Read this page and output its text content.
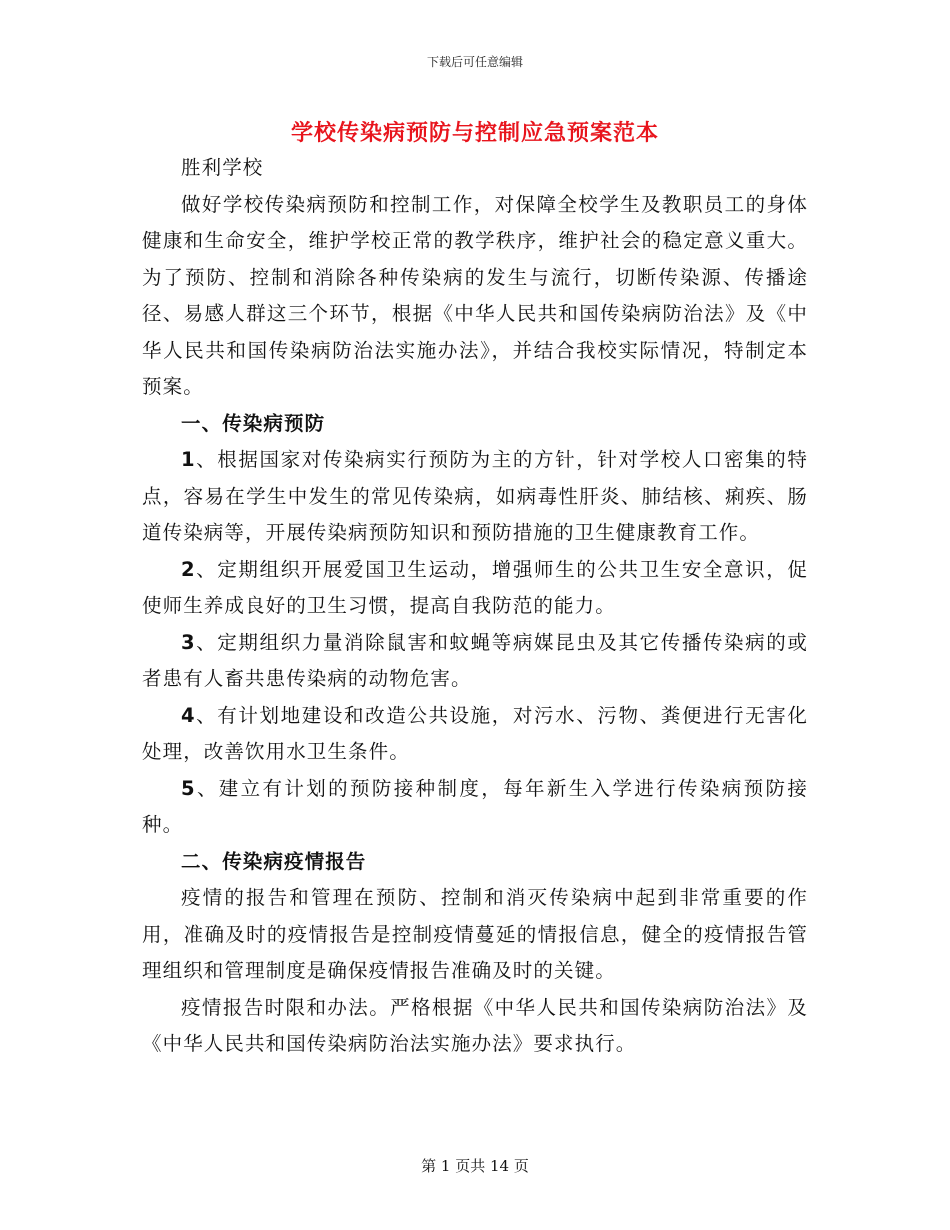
下载后可任意编辑
学校传染病预防与控制应急预案范本

胜利学校

做好学校传染病预防和控制工作，对保障全校学生及教职员工的身体健康和生命安全，维护学校正常的教学秩序，维护社会的稳定意义重大。为了预防、控制和消除各种传染病的发生与流行，切断传染源、传播途径、易感人群这三个环节，根据《中华人民共和国传染病防治法》及《中华人民共和国传染病防治法实施办法》，并结合我校实际情况，特制定本预案。

一、传染病预防

1、根据国家对传染病实行预防为主的方针，针对学校人口密集的特点，容易在学生中发生的常见传染病，如病毒性肝炎、肺结核、痢疾、肠道传染病等，开展传染病预防知识和预防措施的卫生健康教育工作。

2、定期组织开展爱国卫生运动，增强师生的公共卫生安全意识，促使师生养成良好的卫生习惯，提高自我防范的能力。

3、定期组织力量消除鼠害和蚊蝇等病媒昆虫及其它传播传染病的或者患有人畜共患传染病的动物危害。

4、有计划地建设和改造公共设施，对污水、污物、粪便进行无害化处理，改善饮用水卫生条件。

5、建立有计划的预防接种制度，每年新生入学进行传染病预防接种。

二、传染病疫情报告

疫情的报告和管理在预防、控制和消灭传染病中起到非常重要的作用，准确及时的疫情报告是控制疫情蔓延的情报信息，健全的疫情报告管理组织和管理制度是确保疫情报告准确及时的关键。

疫情报告时限和办法。严格根据《中华人民共和国传染病防治法》及《中华人民共和国传染病防治法实施办法》要求执行。

第 1 页共 14 页
